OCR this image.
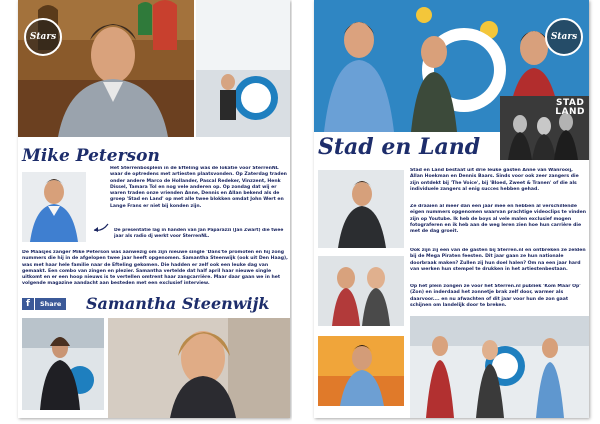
Stars
Mike Peterson
Het Sterrenbosplein in de Efteling was de lokatie voor SterrenNL waar de optredens met artiesten plaatsvonden. Op Zaterdag traden onder andere Marco de Hollander, Pascal Redeker, Vinzzent, Henk Dissel, Tamara Tol en nog vele anderen op. Op zondag dat wij er waren traden onze vrienden Anne, Dennis en Allan bekend als de groep 'Stad en Land' op met alle twee blokken omdat John Wert en Lange Frans er niet bij konden zijn.
De presentatie lag in handen van Jan Paparazzi (Jan Zwart) die twee jaar als radio dj werkt voor SterrenNL.
De Maasjes zanger Mike Peterson was aanwezig om zijn nieuwe single 'Dans'te promoten en hij zong nummers die hij in de afgelopen twee jaar heeft opgenomen. Samantha Steenwijk (ook uit Den Haag), was met haar hele familie naar de Efteling gekomen. Die hadden er zelf ook een leuke dag van gemaakt. Een combo van zingen en plezier. Samantha vertelde dat half april haar nieuwe single uitkomt en er een hoop nieuws is te vertellen omtrent haar zangcarrière. Maar daar gaan we in het volgende magazine aandacht aan besteden met een exclusief interview.
f	Share	Samantha Steenwijk
Stars
Stad en Land
STAD
LAND
Stad en Land bestaat uit drie leuke gasten Anne van Wanrooij, Allan Hoekman en Dennis Baars. Sinds voor ook zeer zangers die zijn ontdekt bij 'The Voice', bij 'Bloed, Zweet & Tranen' of die als individuele zangers al enig succes hebben gehad.
Ze draaien al meer dan een jaar mee en hebben al verschillende eigen nummers opgenomen waarvan prachtige videoclips te vinden zijn op Youtube. Ik heb de boys al vele malen exclusief mogen fotograferen en ik heb aan de weg leren zien hoe hun carrière die met de dag groeit.
Ook zijn zij een van de gasten bij Sterren.nl en ontbreken ze zelden bij de Mega Piraten feesten. Dit jaar gaan ze hun nationale doorbraak maken? Zullen zij hun doel halen? Om na een jaar hard van werken hun stempel te drukken in het artiestenbestaan.
Op het plein zongen ze voor het Sterren.nl publiek 'Kom Maar Op' (Zon) en inderdaad het zonnetje brak zelf door, warmer als daarvoor.... en nu afwachten of dit jaar voor hun de zon gaat schijnen om landelijk door te breken.
